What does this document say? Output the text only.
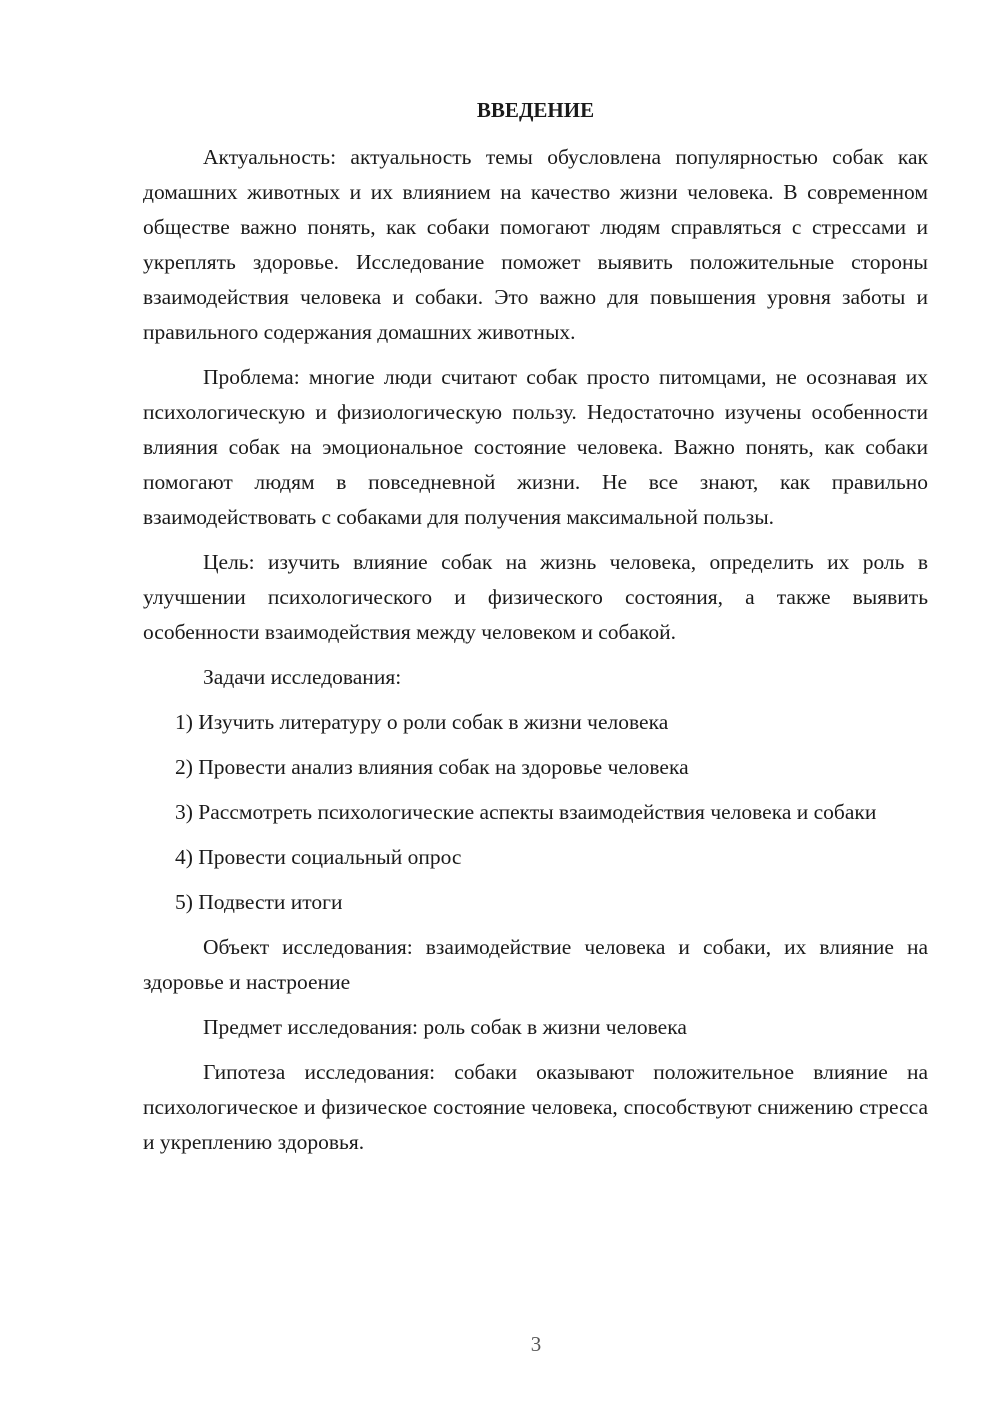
ВВЕДЕНИЕ

Актуальность: актуальность темы обусловлена популярностью собак как домашних животных и их влиянием на качество жизни человека. В современном обществе важно понять, как собаки помогают людям справляться с стрессами и укреплять здоровье. Исследование поможет выявить положительные стороны взаимодействия человека и собаки. Это важно для повышения уровня заботы и правильного содержания домашних животных.

Проблема: многие люди считают собак просто питомцами, не осознавая их психологическую и физиологическую пользу. Недостаточно изучены особенности влияния собак на эмоциональное состояние человека. Важно понять, как собаки помогают людям в повседневной жизни. Не все знают, как правильно взаимодействовать с собаками для получения максимальной пользы.

Цель: изучить влияние собак на жизнь человека, определить их роль в улучшении психологического и физического состояния, а также выявить особенности взаимодействия между человеком и собакой.

Задачи исследования:

1) Изучить литературу о роли собак в жизни человека

2) Провести анализ влияния собак на здоровье человека

3) Рассмотреть психологические аспекты взаимодействия человека и собаки

4) Провести социальный опрос

5) Подвести итоги

Объект исследования: взаимодействие человека и собаки, их влияние на здоровье и настроение

Предмет исследования: роль собак в жизни человека

Гипотеза исследования: собаки оказывают положительное влияние на психологическое и физическое состояние человека, способствуют снижению стресса и укреплению здоровья.

3
